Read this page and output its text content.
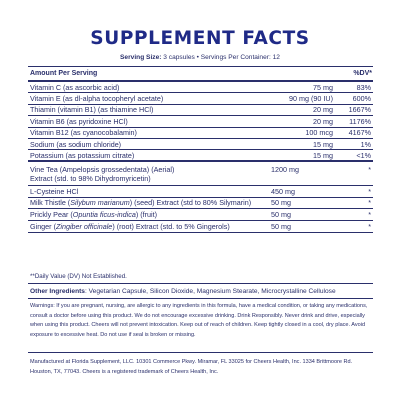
SUPPLEMENT FACTS
Serving Size: 3 capsules • Servings Per Container: 12
Amount Per Serving	%DV*
Vitamin C (as ascorbic acid)	75 mg	83%
Vitamin E (as dl-alpha tocopheryl acetate)	90 mg (90 IU)	600%
Thiamin (vitamin B1) (as thiamine HCl)	20 mg	1667%
Vitamin B6 (as pyridoxine HCl)	20 mg	1176%
Vitamin B12 (as cyanocobalamin)	100 mcg	4167%
Sodium (as sodium chloride)	15 mg	1%
Potassium (as potassium citrate)	15 mg	<1%
Vine Tea (Ampelopsis grossedentata) (Aerial)
Extract (std. to 98% Dihydromyricetin)
1200 mg	*
L-Cysteine HCl	450 mg	*
Milk Thistle (Silybum marianum) (seed) Extract (std to 80% Silymarin)	50 mg	*
Prickly Pear (Opuntia ficus-indica) (fruit)	50 mg	*
Ginger (Zingiber officinale) (root) Extract (std. to 5% Gingerols)	50 mg	*
**Daily Value (DV) Not Established.
Other Ingredients: Vegetarian Capsule, Silicon Dioxide, Magnesium Stearate, Microcrystalline Cellulose
Warnings: If you are pregnant, nursing, are allergic to any ingredients in this formula, have a medical condition, or taking any medications, consult a doctor before using this product. We do not encourage excessive drinking. Drink Responsibly. Never drink and drive, especially when using this product. Cheers will not prevent intoxication. Keep out of reach of children. Keep tightly closed in a cool, dry place. Avoid exposure to excessive heat. Do not use if seal is broken or missing.
Manufactured at Florida Supplement, LLC. 10301 Commerce Pkwy. Miramar, FL 33025 for Cheers Health, Inc. 1334 Brittmoore Rd. Houston, TX, 77043. Cheers is a registered trademark of Cheers Health, Inc.
